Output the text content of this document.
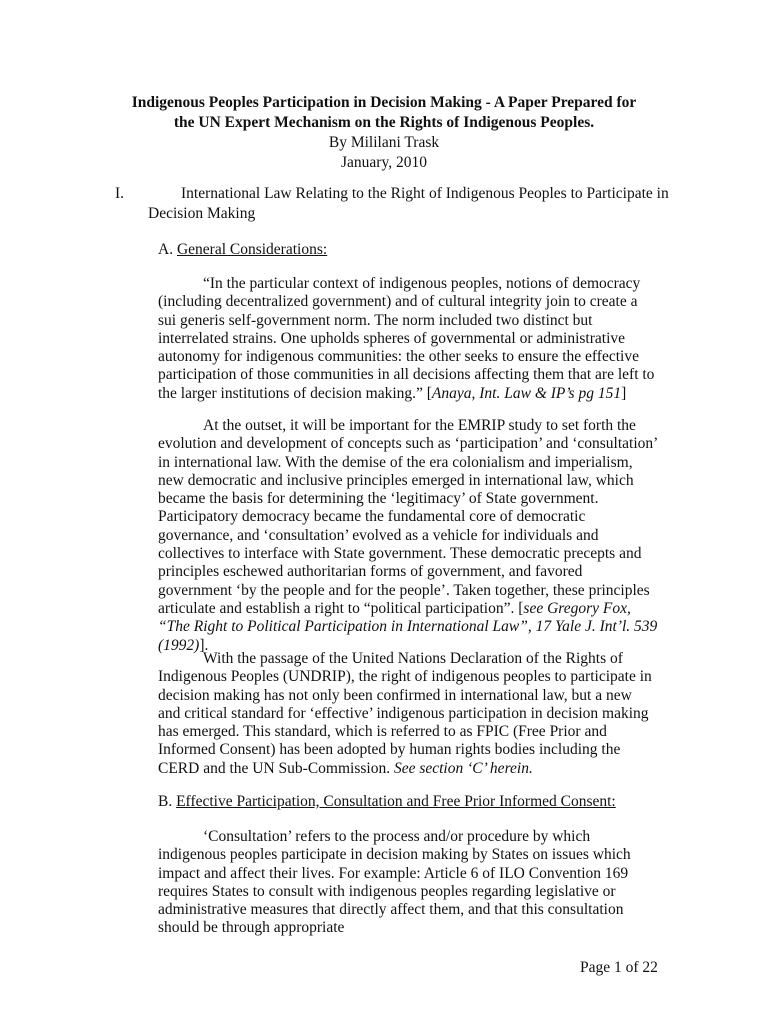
Indigenous Peoples Participation in Decision Making - A Paper Prepared for

the UN Expert Mechanism on the Rights of Indigenous Peoples.

By Mililani Trask

January, 2010

I.	International Law Relating to the Right of Indigenous Peoples to Participate in Decision Making
A. General Considerations:

“In the particular context of indigenous peoples, notions of democracy (including decentralized government) and of cultural integrity join to create a sui generis self-government norm. The norm included two distinct but interrelated strains. One upholds spheres of governmental or administrative autonomy for indigenous communities: the other seeks to ensure the effective participation of those communities in all decisions affecting them that are left to the larger institutions of decision making.” [Anaya, Int. Law & IP’s pg 151]

At the outset, it will be important for the EMRIP study to set forth the evolution and development of concepts such as ‘participation’ and ‘consultation’ in international law. With the demise of the era colonialism and imperialism, new democratic and inclusive principles emerged in international law, which became the basis for determining the ‘legitimacy’ of State government. Participatory democracy became the fundamental core of democratic governance, and ‘consultation’ evolved as a vehicle for individuals and collectives to interface with State government. These democratic precepts and principles eschewed authoritarian forms of government, and favored government ‘by the people and for the people’. Taken together, these principles articulate and establish a right to “political participation”. [see Gregory Fox, “The Right to Political Participation in International Law”, 17 Yale J. Int’l. 539 (1992)].

With the passage of the United Nations Declaration of the Rights of Indigenous Peoples (UNDRIP), the right of indigenous peoples to participate in decision making has not only been confirmed in international law, but a new and critical standard for ‘effective’ indigenous participation in decision making has emerged. This standard, which is referred to as FPIC (Free Prior and Informed Consent) has been adopted by human rights bodies including the CERD and the UN Sub-Commission. See section ‘C’ herein.

B. Effective Participation, Consultation and Free Prior Informed Consent:

‘Consultation’ refers to the process and/or procedure by which indigenous peoples participate in decision making by States on issues which impact and affect their lives. For example: Article 6 of ILO Convention 169 requires States to consult with indigenous peoples regarding legislative or administrative measures that directly affect them, and that this consultation should be through appropriate

Page 1 of 22
